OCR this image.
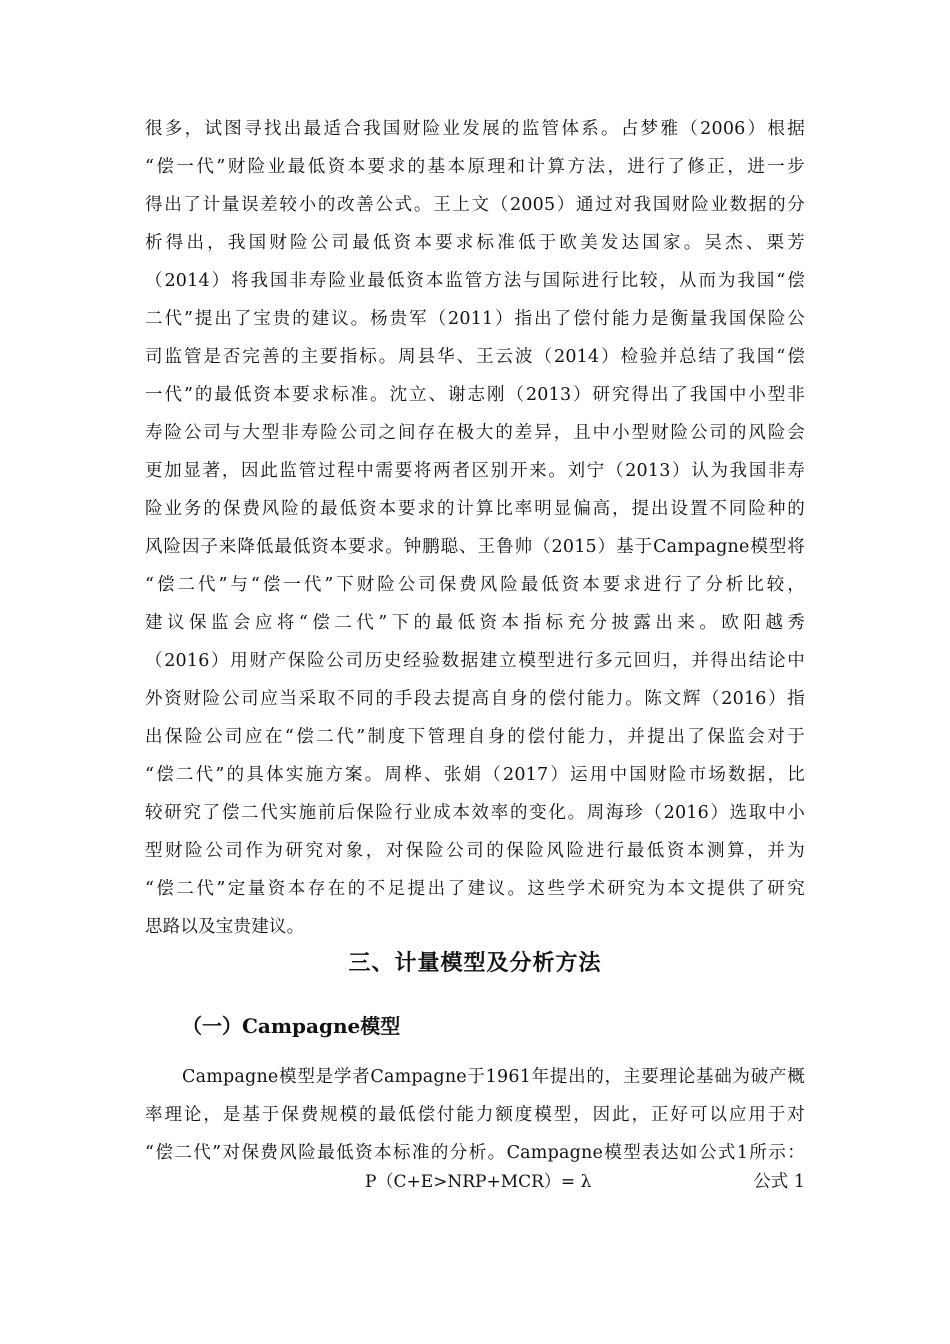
很多，试图寻找出最适合我国财险业发展的监管体系。占梦雅（2006）根据
“偿一代”财险业最低资本要求的基本原理和计算方法，进行了修正，进一步
得出了计量误差较小的改善公式。王上文（2005）通过对我国财险业数据的分
析得出，我国财险公司最低资本要求标准低于欧美发达国家。吴杰、栗芳
（2014）将我国非寿险业最低资本监管方法与国际进行比较，从而为我国“偿
二代”提出了宝贵的建议。杨贵军（2011）指出了偿付能力是衡量我国保险公
司监管是否完善的主要指标。周县华、王云波（2014）检验并总结了我国“偿
一代”的最低资本要求标准。沈立、谢志刚（2013）研究得出了我国中小型非
寿险公司与大型非寿险公司之间存在极大的差异，且中小型财险公司的风险会
更加显著，因此监管过程中需要将两者区别开来。刘宁（2013）认为我国非寿
险业务的保费风险的最低资本要求的计算比率明显偏高，提出设置不同险种的
风险因子来降低最低资本要求。钟鹏聪、王鲁帅（2015）基于Campagne模型将
“偿二代”与“偿一代”下财险公司保费风险最低资本要求进行了分析比较，
建议保监会应将“偿二代”下的最低资本指标充分披露出来。欧阳越秀
（2016）用财产保险公司历史经验数据建立模型进行多元回归，并得出结论中
外资财险公司应当采取不同的手段去提高自身的偿付能力。陈文辉（2016）指
出保险公司应在“偿二代”制度下管理自身的偿付能力，并提出了保监会对于
“偿二代”的具体实施方案。周桦、张娟（2017）运用中国财险市场数据，比
较研究了偿二代实施前后保险行业成本效率的变化。周海珍（2016）选取中小
型财险公司作为研究对象，对保险公司的保险风险进行最低资本测算，并为
“偿二代”定量资本存在的不足提出了建议。这些学术研究为本文提供了研究
思路以及宝贵建议。
三、计量模型及分析方法
（一）Campagne模型
Campagne模型是学者Campagne于1961年提出的，主要理论基础为破产概
率理论，是基于保费规模的最低偿付能力额度模型，因此，正好可以应用于对
“偿二代”对保费风险最低资本标准的分析。Campagne模型表达如公式1所示：
P（C+E>NRP+MCR）= λ	公式 1
